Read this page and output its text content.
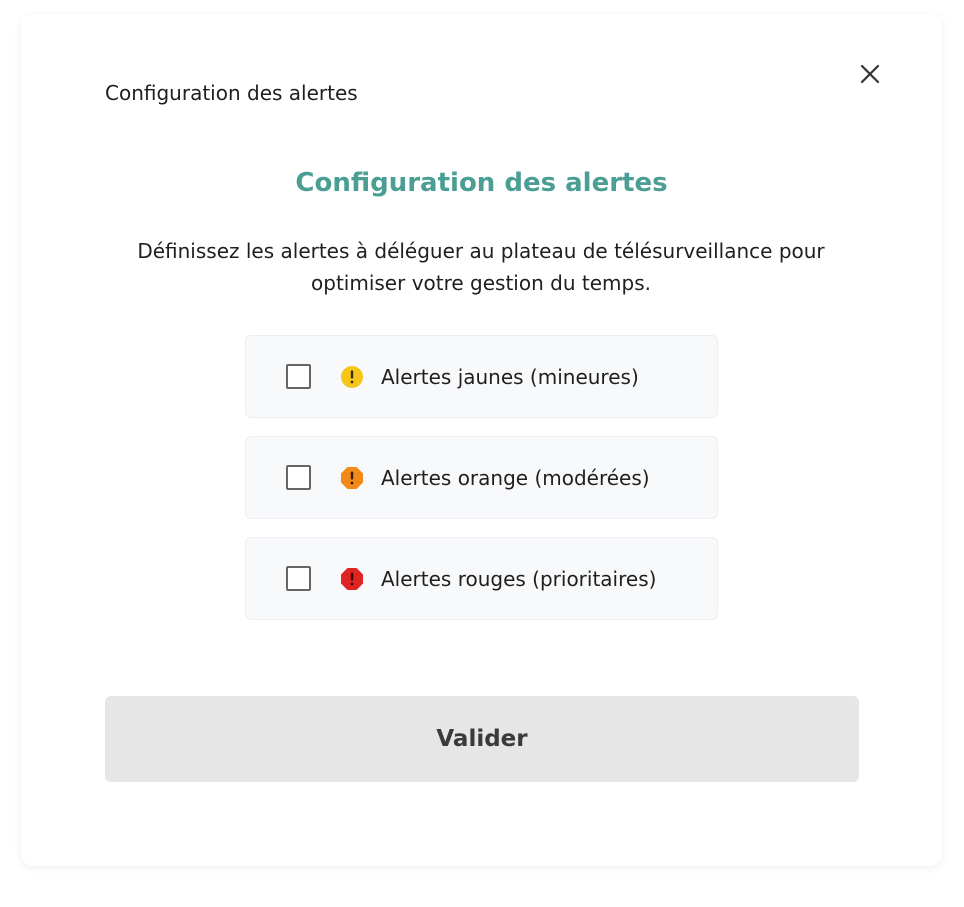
Configuration des alertes
Configuration des alertes
Définissez les alertes à déléguer au plateau de télésurveillance pour optimiser votre gestion du temps.
Alertes jaunes (mineures)
Alertes orange (modérées)
Alertes rouges (prioritaires)
Valider
